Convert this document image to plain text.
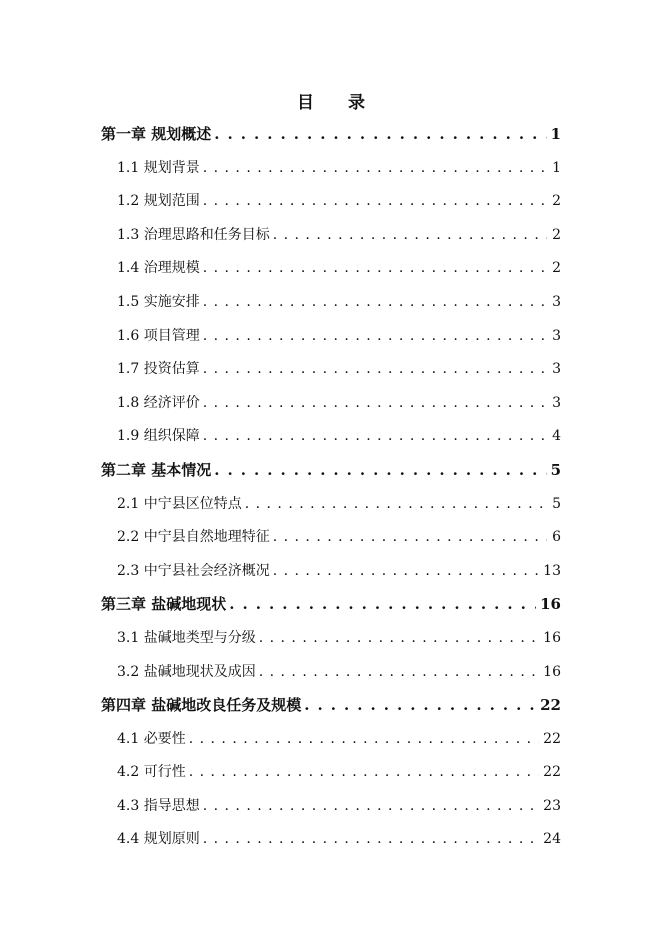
目 录
第一章 规划概述 . . .	1
1.1 规划背景 . . .	1
1.2 规划范围 . . .	2
1.3 治理思路和任务目标 . . .	2
1.4 治理规模 . . .	2
1.5 实施安排 . . .	3
1.6 项目管理 . . .	3
1.7 投资估算 . . .	3
1.8 经济评价 . . .	3
1.9 组织保障 . . .	4
第二章 基本情况 . . .	5
2.1 中宁县区位特点 . . .	5
2.2 中宁县自然地理特征 . . .	6
2.3 中宁县社会经济概况 . . .	13
第三章 盐碱地现状 . . .	16
3.1 盐碱地类型与分级 . . .	16
3.2 盐碱地现状及成因 . . .	16
第四章 盐碱地改良任务及规模 . . .	22
4.1 必要性 . . .	22
4.2 可行性 . . .	22
4.3 指导思想 . . .	23
4.4 规划原则 . . .	24
